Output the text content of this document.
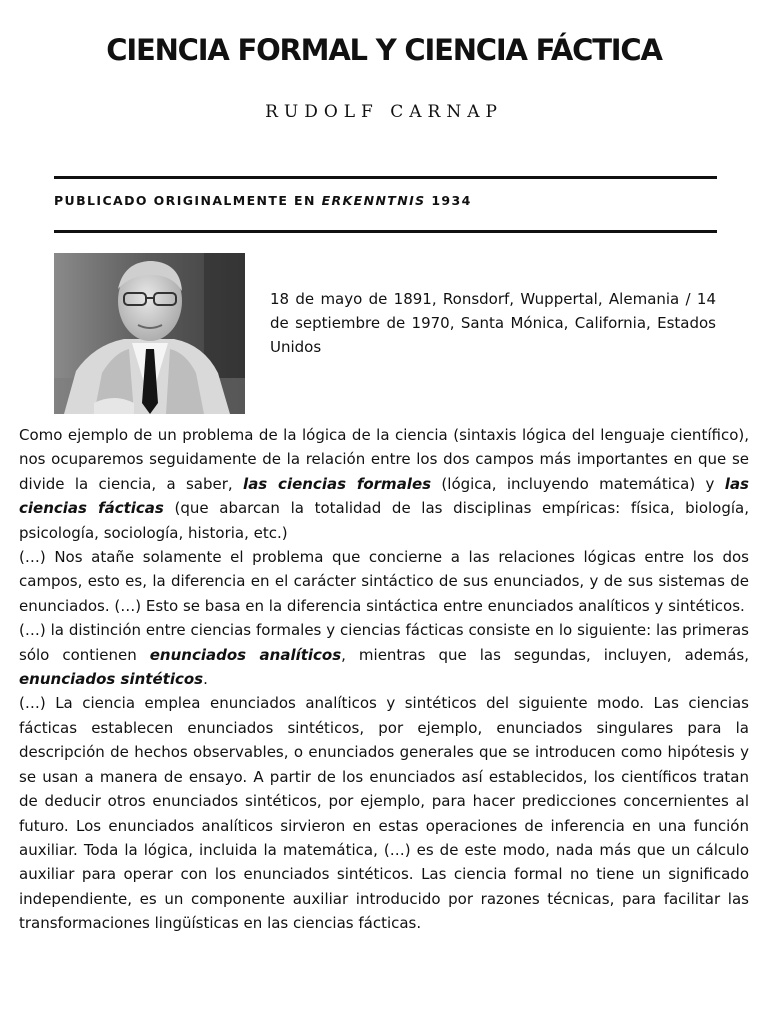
CIENCIA FORMAL Y CIENCIA FÁCTICA
RUDOLF CARNAP
PUBLICADO ORIGINALMENTE EN ERKENNTNIS 1934
18 de mayo de 1891, Ronsdorf, Wuppertal, Alemania / 14 de septiembre de 1970, Santa Mónica, California, Estados Unidos

Como ejemplo de un problema de la lógica de la ciencia (sintaxis lógica del lenguaje científico), nos ocuparemos seguidamente de la relación entre los dos campos más importantes en que se divide la ciencia, a saber, las ciencias formales (lógica, incluyendo matemática) y las ciencias fácticas (que abarcan la totalidad de las disciplinas empíricas: física, biología, psicología, sociología, historia, etc.)

(…) Nos atañe solamente el problema que concierne a las relaciones lógicas entre los dos campos, esto es, la diferencia en el carácter sintáctico de sus enunciados, y de sus sistemas de enunciados. (…) Esto se basa en la diferencia sintáctica entre enunciados analíticos y sintéticos.

(…) la distinción entre ciencias formales y ciencias fácticas consiste en lo siguiente: las primeras sólo contienen enunciados analíticos, mientras que las segundas, incluyen, además, enunciados sintéticos.

(…) La ciencia emplea enunciados analíticos y sintéticos del siguiente modo. Las ciencias fácticas establecen enunciados sintéticos, por ejemplo, enunciados singulares para la descripción de hechos observables, o enunciados generales que se introducen como hipótesis y se usan a manera de ensayo. A partir de los enunciados así establecidos, los científicos tratan de deducir otros enunciados sintéticos, por ejemplo, para hacer predicciones concernientes al futuro. Los enunciados analíticos sirvieron en estas operaciones de inferencia en una función auxiliar. Toda la lógica, incluida la matemática, (…) es de este modo, nada más que un cálculo auxiliar para operar con los enunciados sintéticos. Las ciencia formal no tiene un significado independiente, es un componente auxiliar introducido por razones técnicas, para facilitar las transformaciones lingüísticas en las ciencias fácticas.
